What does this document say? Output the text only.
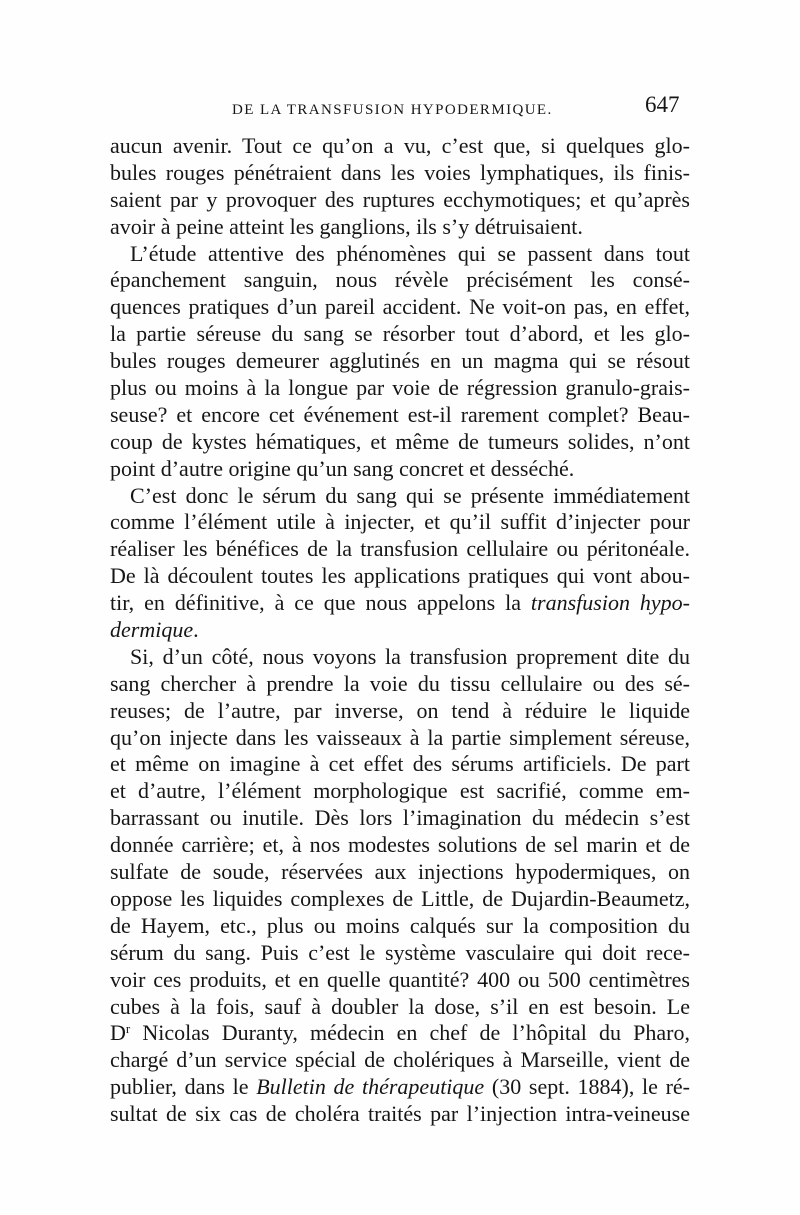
DE LA TRANSFUSION HYPODERMIQUE.	647
aucun avenir. Tout ce qu’on a vu, c’est que, si quelques glo-
bules rouges pénétraient dans les voies lymphatiques, ils finis-
saient par y provoquer des ruptures ecchymotiques; et qu’après
avoir à peine atteint les ganglions, ils s’y détruisaient.
L’étude attentive des phénomènes qui se passent dans tout
épanchement sanguin, nous révèle précisément les consé-
quences pratiques d’un pareil accident. Ne voit-on pas, en effet,
la partie séreuse du sang se résorber tout d’abord, et les glo-
bules rouges demeurer agglutinés en un magma qui se résout
plus ou moins à la longue par voie de régression granulo-grais-
seuse? et encore cet événement est-il rarement complet? Beau-
coup de kystes hématiques, et même de tumeurs solides, n’ont
point d’autre origine qu’un sang concret et desséché.
C’est donc le sérum du sang qui se présente immédiatement
comme l’élément utile à injecter, et qu’il suffit d’injecter pour
réaliser les bénéfices de la transfusion cellulaire ou péritonéale.
De là découlent toutes les applications pratiques qui vont abou-
tir, en définitive, à ce que nous appelons la transfusion hypo-
dermique.
Si, d’un côté, nous voyons la transfusion proprement dite du
sang chercher à prendre la voie du tissu cellulaire ou des sé-
reuses; de l’autre, par inverse, on tend à réduire le liquide
qu’on injecte dans les vaisseaux à la partie simplement séreuse,
et même on imagine à cet effet des sérums artificiels. De part
et d’autre, l’élément morphologique est sacrifié, comme em-
barrassant ou inutile. Dès lors l’imagination du médecin s’est
donnée carrière; et, à nos modestes solutions de sel marin et de
sulfate de soude, réservées aux injections hypodermiques, on
oppose les liquides complexes de Little, de Dujardin-Beaumetz,
de Hayem, etc., plus ou moins calqués sur la composition du
sérum du sang. Puis c’est le système vasculaire qui doit rece-
voir ces produits, et en quelle quantité? 400 ou 500 centimètres
cubes à la fois, sauf à doubler la dose, s’il en est besoin. Le
$D^r$ Nicolas Duranty, médecin en chef de l’hôpital du Pharo,
chargé d’un service spécial de cholériques à Marseille, vient de
publier, dans le Bulletin de thérapeutique (30 sept. 1884), le ré-
sultat de six cas de choléra traités par l’injection intra-veineuse
